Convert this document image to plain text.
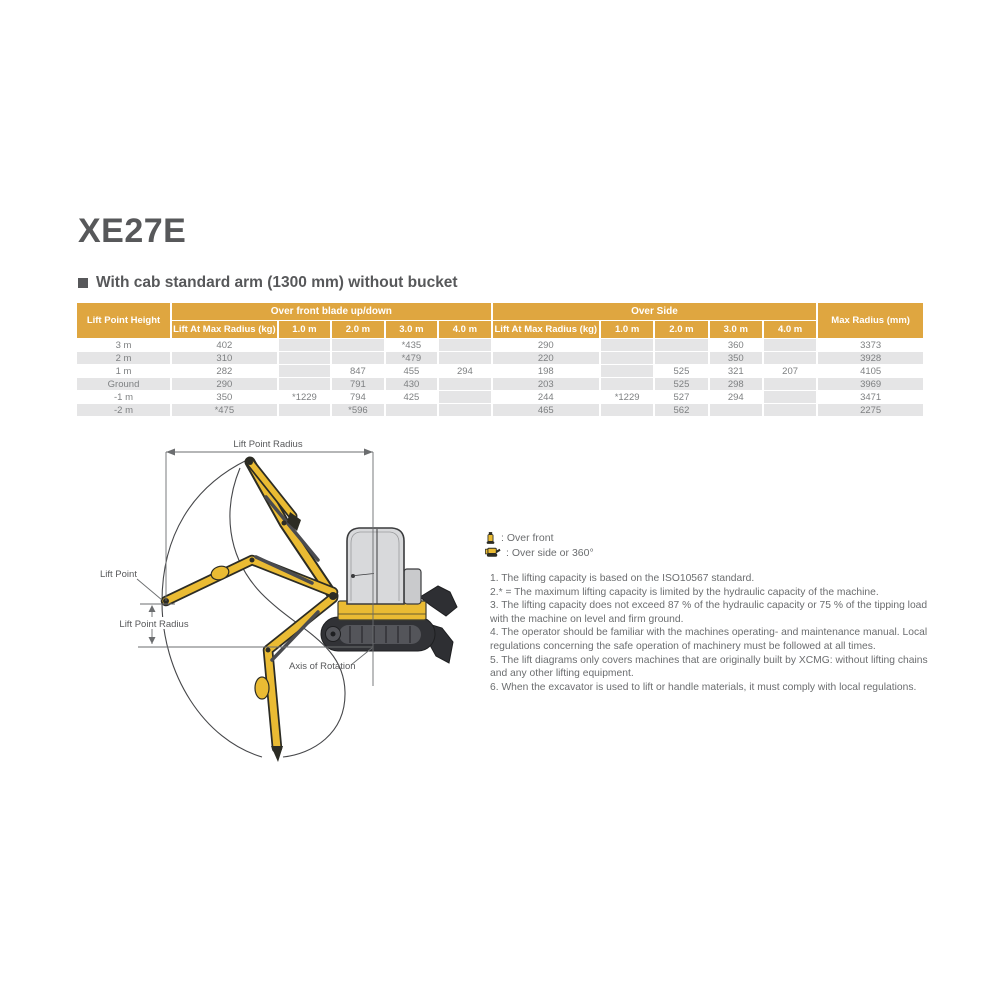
XE27E
With cab standard arm (1300 mm) without bucket
Lift Point Height	Over front blade up/down					Over Side					Max Radius (mm)
	Lift At Max Radius (kg)	1.0 m	2.0 m	3.0 m	4.0 m	Lift At Max Radius (kg)	1.0 m	2.0 m	3.0 m	4.0 m	
3 m	402			*435		290			360		3373
2 m	310			*479		220			350		3928
1 m	282		847	455	294	198		525	321	207	4105
Ground	290		791	430		203		525	298		3969
-1 m	350	*1229	794	425		244	*1229	527	294		3471
-2 m	*475		*596			465		562			2275
Lift Point Radius
Lift Point
Lift Point Radius
Axis of Rotation
: Over front
: Over side or 360°
1. The lifting capacity is based on the ISO10567 standard.
2.* = The maximum lifting capacity is limited by the hydraulic capacity of the machine.
3. The lifting capacity does not exceed 87 % of the hydraulic capacity or 75 % of the tipping load with the machine on level and firm ground.
4. The operator should be familiar with the machines operating- and maintenance manual. Local regulations concerning the safe operation of machinery must be followed at all times.
5. The lift diagrams only covers machines that are originally built by XCMG: without lifting chains and any other lifting equipment.
6. When the excavator is used to lift or handle materials, it must comply with local regulations.
